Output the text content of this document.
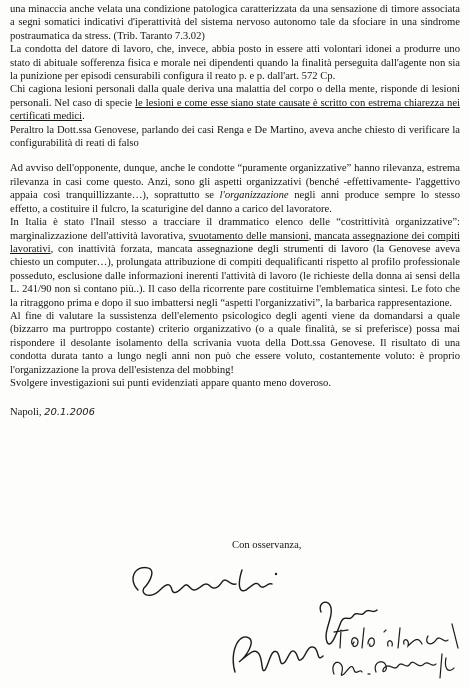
una minaccia anche velata una condizione patologica caratterizzata da una sensazione di timore associata a segni somatici indicativi d'iperattività del sistema nervoso autonomo tale da sfociare in una sindrome postraumatica da stress. (Trib. Taranto 7.3.02)

La condotta del datore di lavoro, che, invece, abbia posto in essere atti volontari idonei a produrre uno stato di abituale sofferenza fisica e morale nei dipendenti quando la finalità perseguita dall'agente non sia la punizione per episodi censurabili configura il reato p. e p. dall'art. 572 Cp.

Chi cagiona lesioni personali dalla quale deriva una malattia del corpo o della mente, risponde di lesioni personali. Nel caso di specie le lesioni e come esse siano state causate è scritto con estrema chiarezza nei certificati medici.

Peraltro la Dott.ssa Genovese, parlando dei casi Renga e De Martino, aveva anche chiesto di verificare la configurabilità di reati di falso

Ad avviso dell'opponente, dunque, anche le condotte “puramente organizzative” hanno rilevanza, estrema rilevanza in casi come questo. Anzi, sono gli aspetti organizzativi (benché -effettivamente- l'aggettivo appaia così tranquillizzante…), soprattutto se l'organizzazione negli anni produce sempre lo stesso effetto, a costituire il fulcro, la scaturigine del danno a carico del lavoratore.

In Italia è stato l'Inail stesso a tracciare il drammatico elenco delle “costrittività organizzative”: marginalizzazione dell'attività lavorativa, svuotamento delle mansioni, mancata assegnazione dei compiti lavorativi, con inattività forzata, mancata assegnazione degli strumenti di lavoro (la Genovese aveva chiesto un computer…), prolungata attribuzione di compiti dequalificanti rispetto al profilo professionale posseduto, esclusione dalle informazioni inerenti l'attività di lavoro (le richieste della donna ai sensi della L. 241/90 non si contano più..). Il caso della ricorrente pare costituirne l'emblematica sintesi. Le foto che la ritraggono prima e dopo il suo imbattersi negli “aspetti l'organizzativi”, la barbarica rappresentazione.

Al fine di valutare la sussistenza dell'elemento psicologico degli agenti viene da domandarsi a quale (bizzarro ma purtroppo costante) criterio organizzativo (o a quale finalità, se si preferisce) possa mai rispondere il desolante isolamento della scrivania vuota della Dott.ssa Genovese. Il risultato di una condotta durata tanto a lungo negli anni non può che essere voluto, costantemente voluto: è proprio l'organizzazione la prova dell'esistenza del mobbing!

Svolgere investigazioni sui punti evidenziati appare quanto meno doveroso.

Napoli, 20.1.2006
Con osservanza,
